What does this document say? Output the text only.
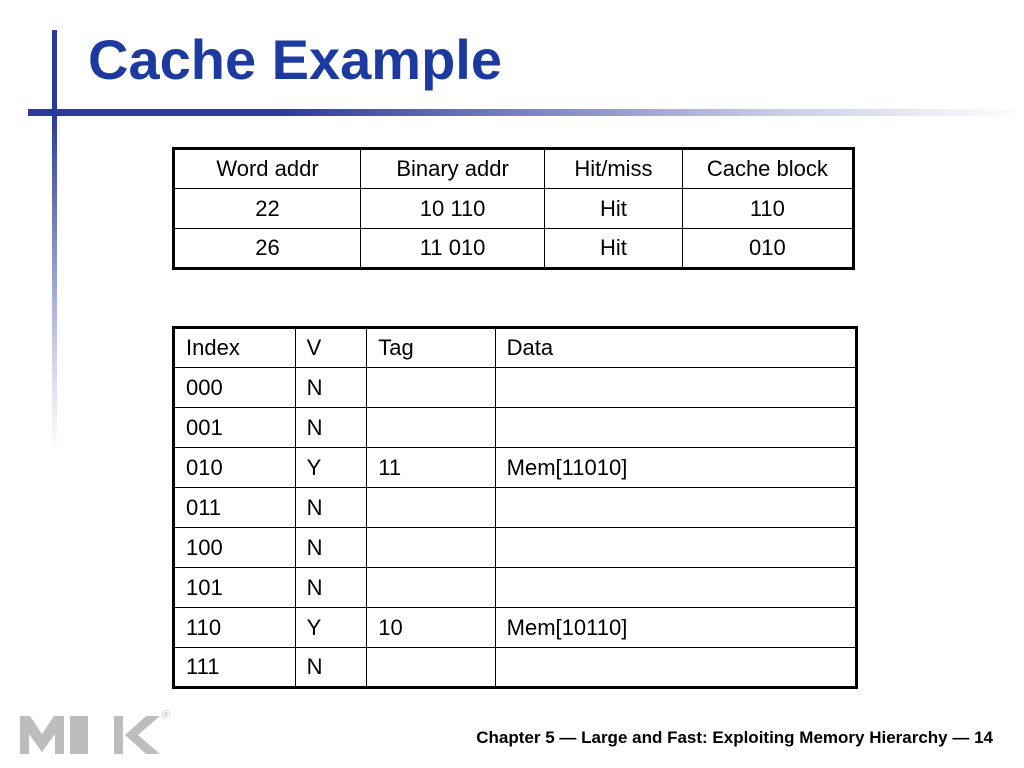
Cache Example
Word addr	Binary addr	Hit/miss	Cache block
22	10 110	Hit	110
26	11 010	Hit	010
Index	V	Tag	Data
000	N		
001	N		
010	Y	11	Mem[11010]
011	N		
100	N		
101	N		
110	Y	10	Mem[10110]
111	N		
®
Chapter 5 — Large and Fast: Exploiting Memory Hierarchy — 14
